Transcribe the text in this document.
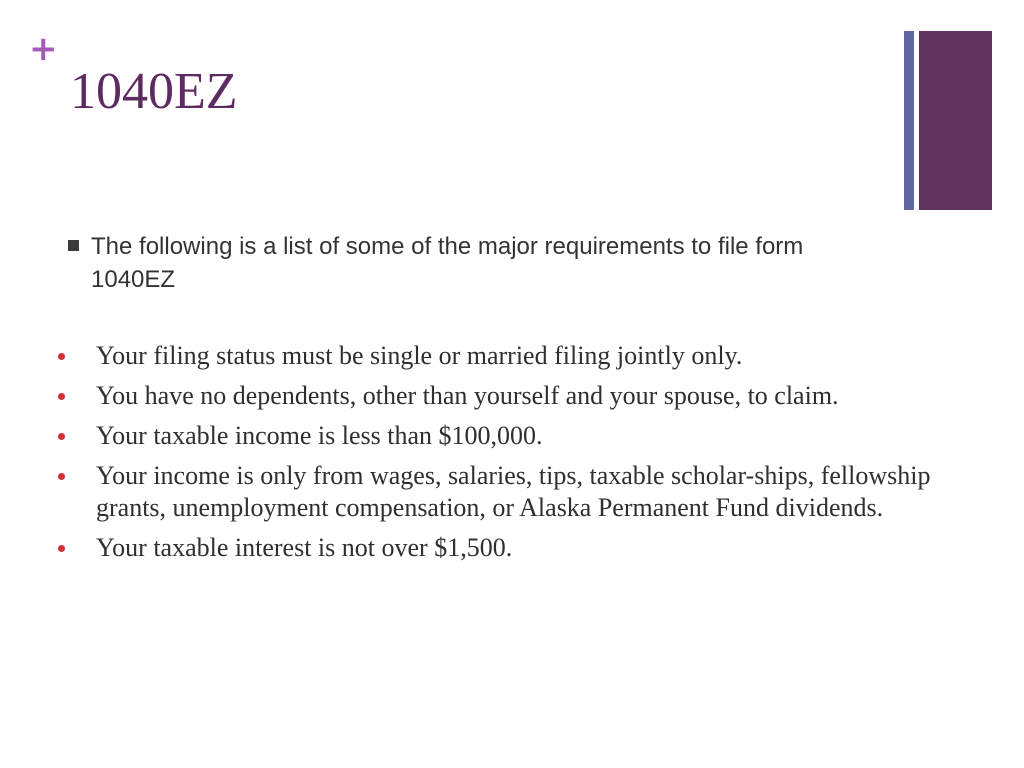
+
1040EZ
The following is a list of some of the major requirements to file form 1040EZ
Your filing status must be single or married filing jointly only.
You have no dependents, other than yourself and your spouse, to claim.
Your taxable income is less than $100,000.
Your income is only from wages, salaries, tips, taxable scholar-ships, fellowship grants, unemployment compensation, or Alaska Permanent Fund dividends.
Your taxable interest is not over $1,500.
